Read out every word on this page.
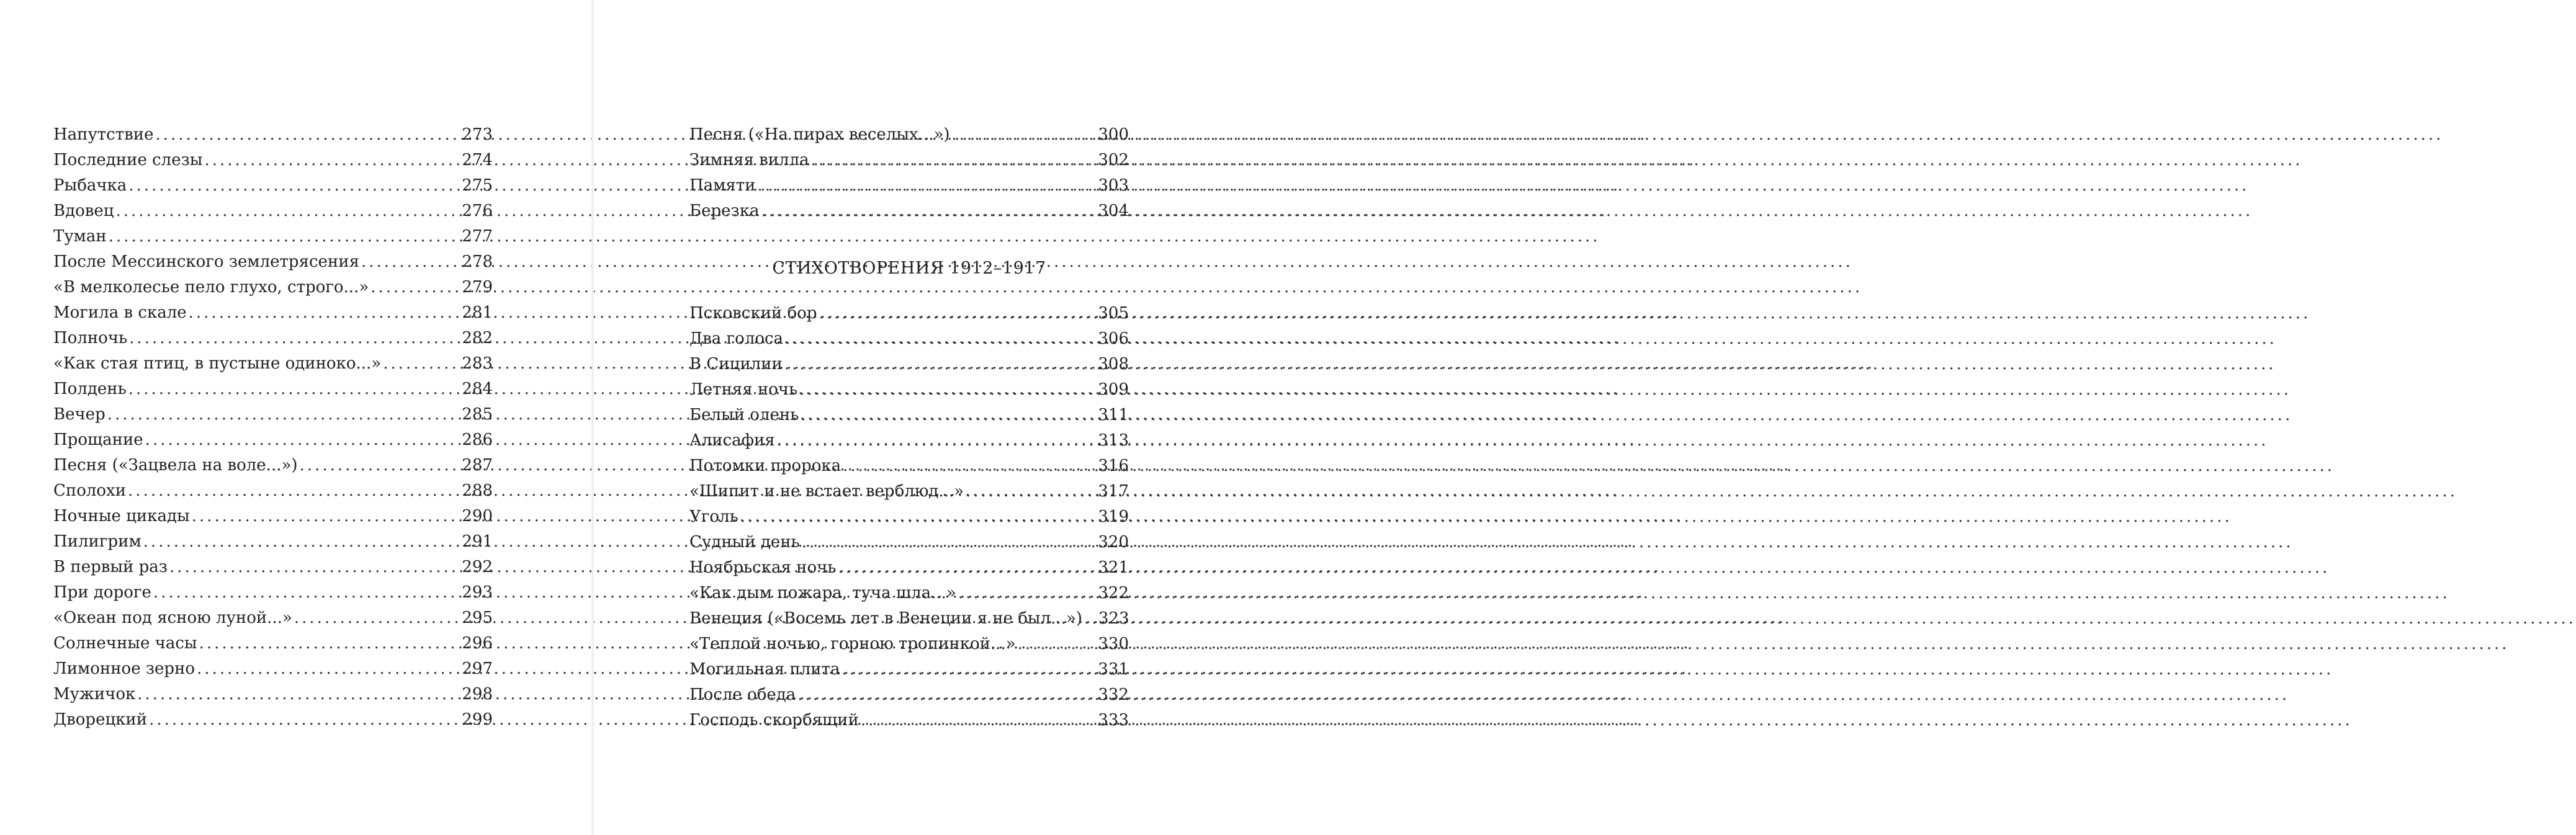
Напутствие .....	273
Последние слезы .....	274
Рыбачка .....	275
Вдовец .....	276
Туман .....	277
После Мессинского землетрясения .....	278
«В мелколесье пело глухо, строго...» .....	279
Могила в скале .....	281
Полночь .....	282
«Как стая птиц, в пустыне одиноко...» .....	283
Полдень .....	284
Вечер .....	285
Прощание .....	286
Песня («Зацвела на воле...») .....	287
Сполохи .....	288
Ночные цикады .....	290
Пилигрим .....	291
В первый раз .....	292
При дороге .....	293
«Океан под ясною луной...» .....	295
Солнечные часы .....	296
Лимонное зерно .....	297
Мужичок .....	298
Дворецкий .....	299
Песня («На пирах веселых...») .....	300
Зимняя вилла .....	302
Памяти .....	303
Березка .....	304
СТИХОТВОРЕНИЯ 1912–1917
Псковский бор .....	305
Два голоса .....	306
В Сицилии .....	308
Летняя ночь .....	309
Белый олень .....	311
Алисафия .....	313
Потомки пророка .....	316
«Шипит и не встает верблюд...» .....	317
Уголь .....	319
Судный день .....	320
Ноябрьская ночь .....	321
«Как дым пожара, туча шла...» .....	322
Венеция («Восемь лет в Венеции я не был...») ..... 323
«Теплой ночью, горною тропинкой...» .....	330
Могильная плита .....	331
После обеда .....	332
Господь скорбящий .....	333
